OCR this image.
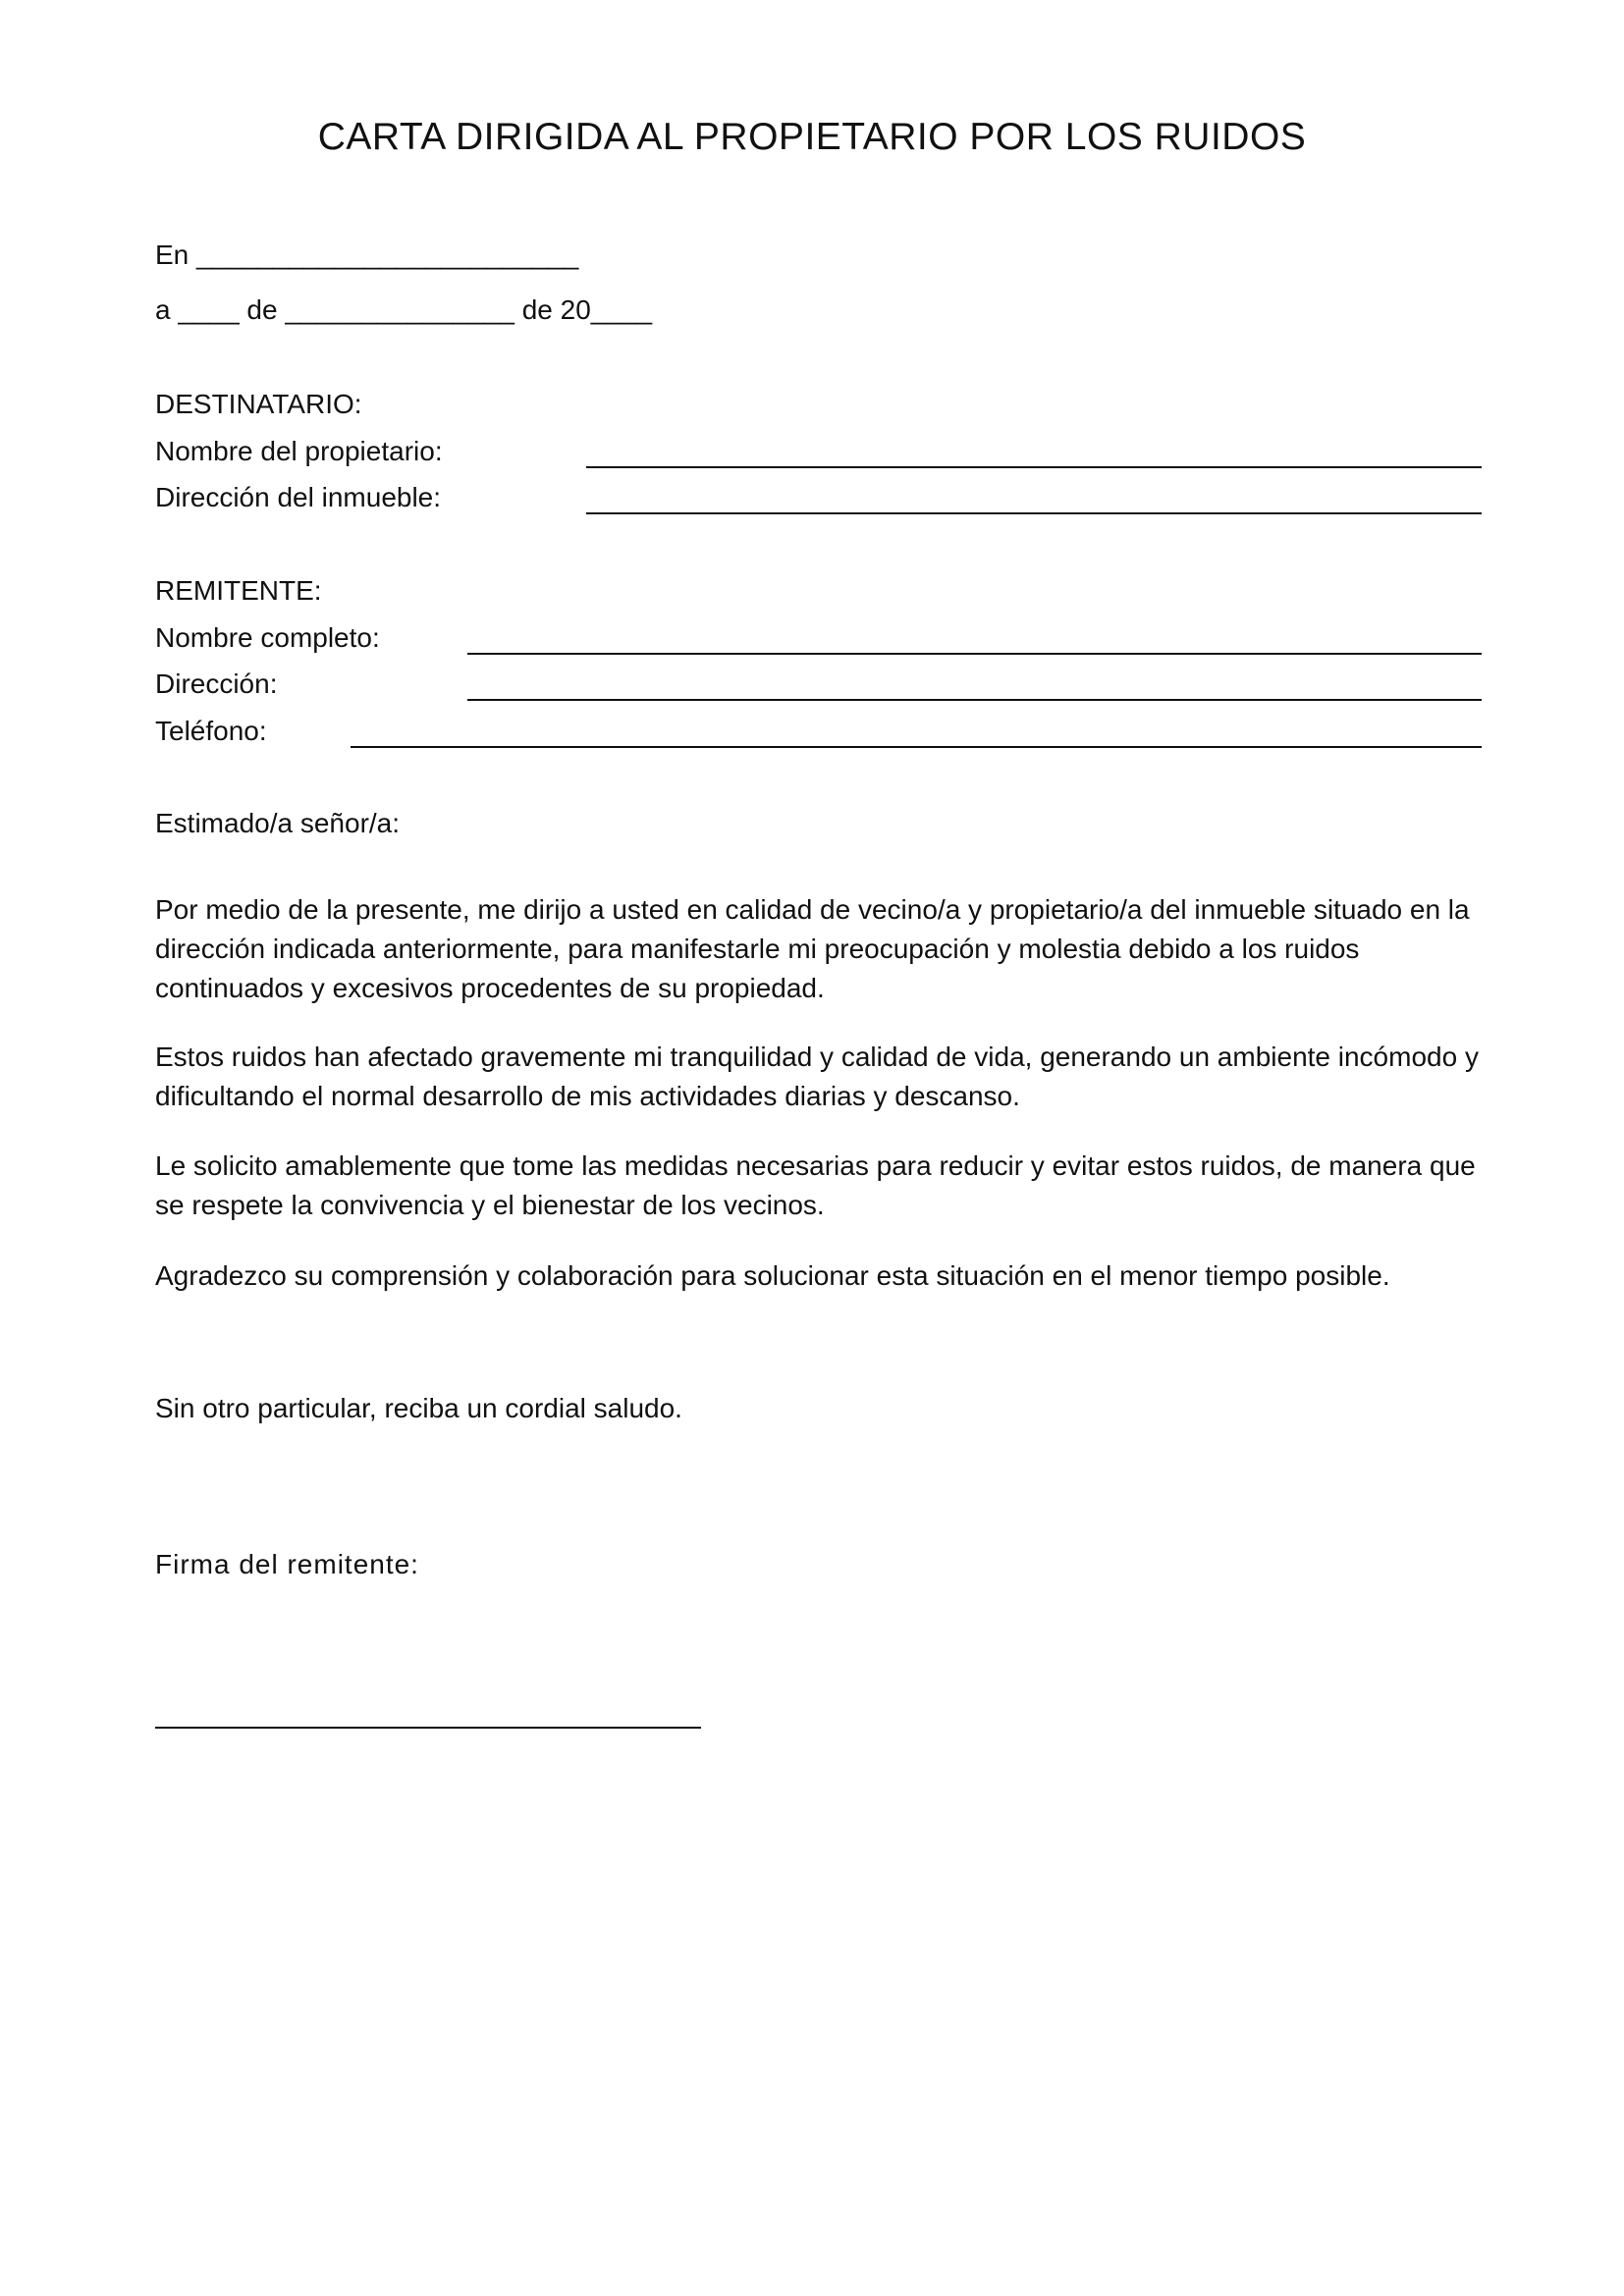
CARTA DIRIGIDA AL PROPIETARIO POR LOS RUIDOS
En _________________________
a ____ de _______________ de 20____
DESTINATARIO:
Nombre del propietario:
Dirección del inmueble:
REMITENTE:
Nombre completo:
Dirección:
Teléfono:
Estimado/a señor/a:
Por medio de la presente, me dirijo a usted en calidad de vecino/a y propietario/a del inmueble situado en la dirección indicada anteriormente, para manifestarle mi preocupación y molestia debido a los ruidos continuados y excesivos procedentes de su propiedad.
Estos ruidos han afectado gravemente mi tranquilidad y calidad de vida, generando un ambiente incómodo y dificultando el normal desarrollo de mis actividades diarias y descanso.
Le solicito amablemente que tome las medidas necesarias para reducir y evitar estos ruidos, de manera que se respete la convivencia y el bienestar de los vecinos.
Agradezco su comprensión y colaboración para solucionar esta situación en el menor tiempo posible.
Sin otro particular, reciba un cordial saludo.
Firma del remitente:
